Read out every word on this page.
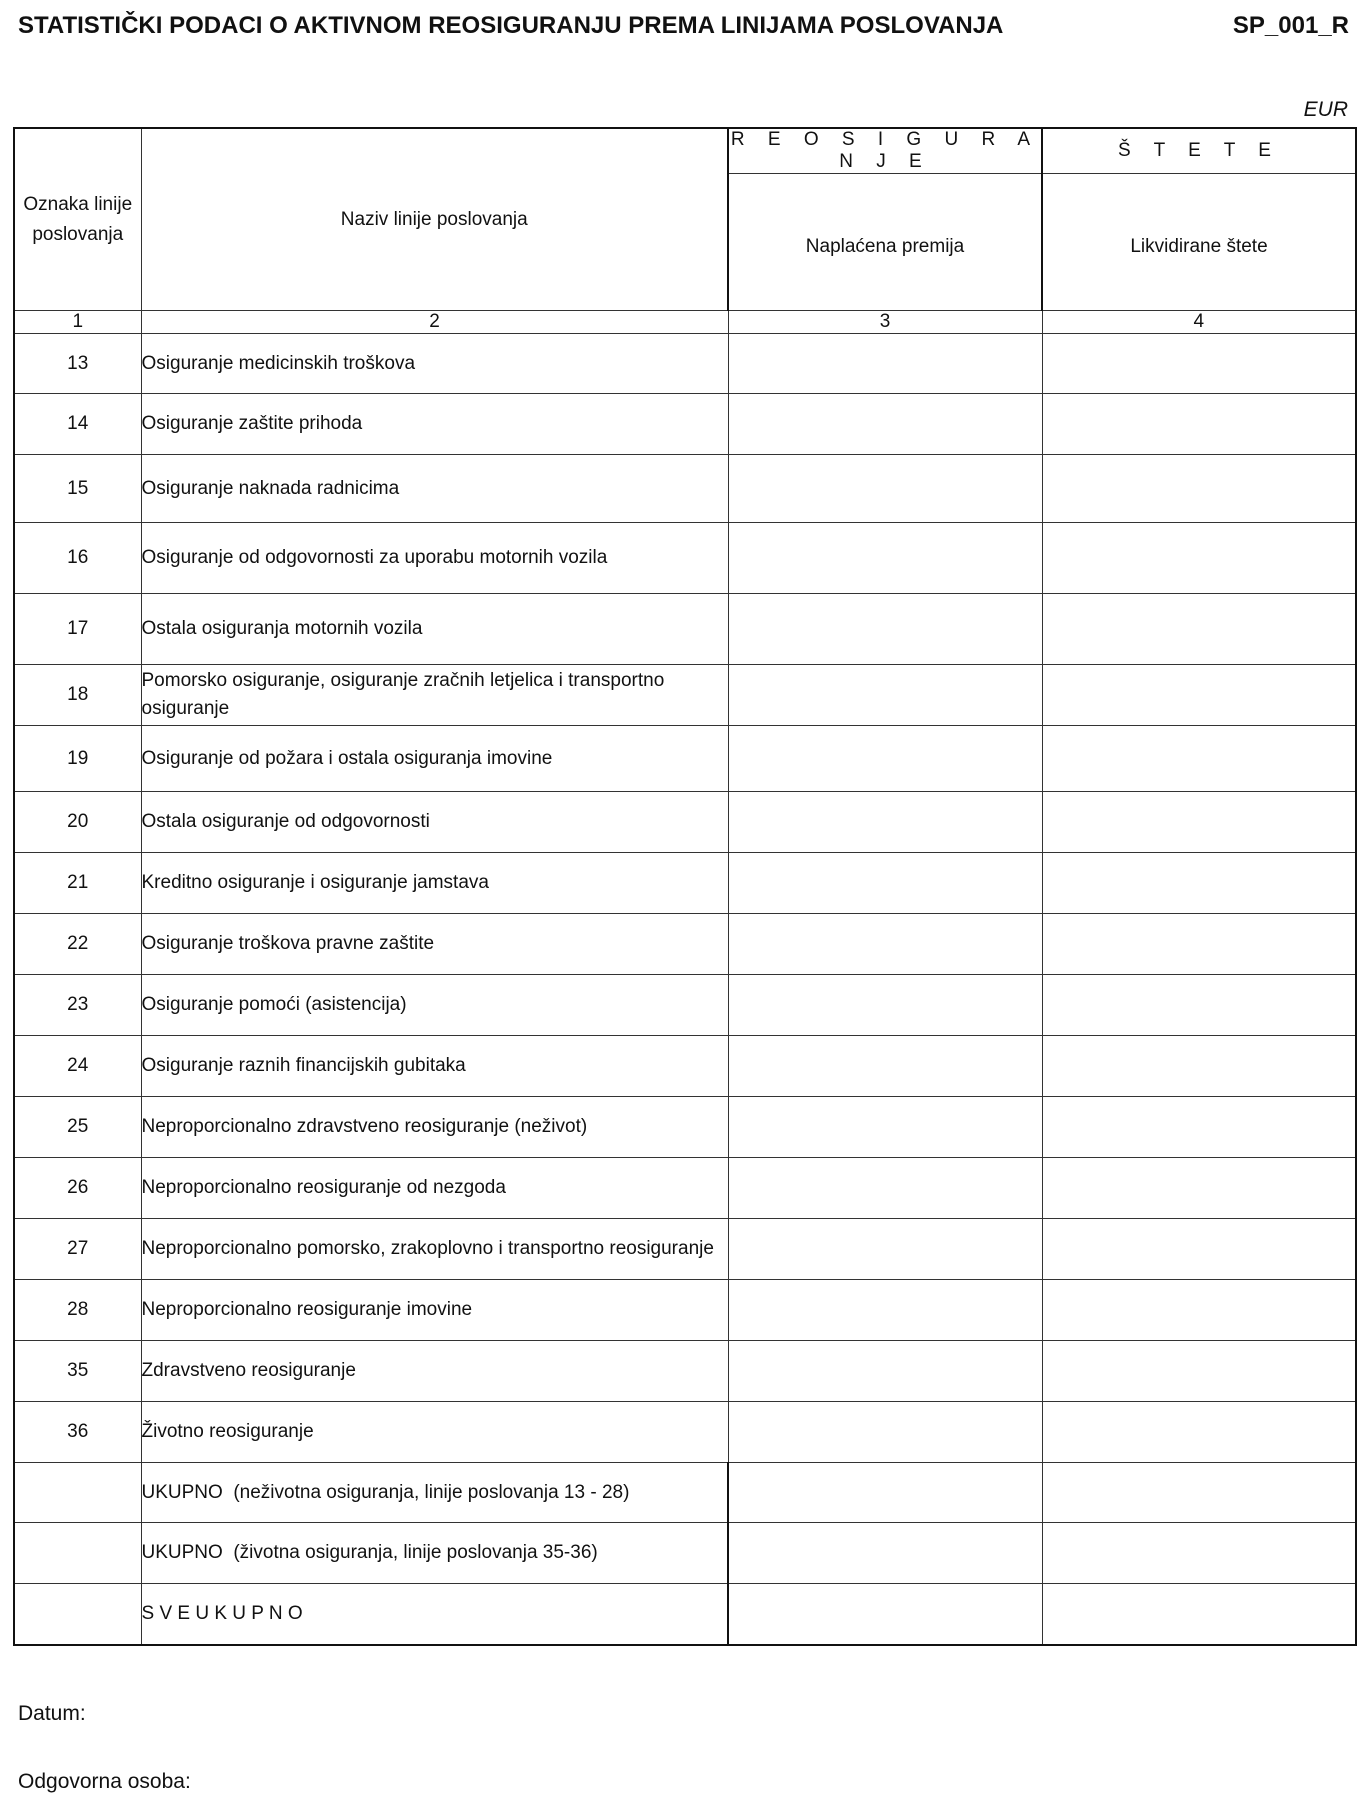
STATISTIČKI PODACI O AKTIVNOM REOSIGURANJU PREMA LINIJAMA POSLOVANJA	SP_001_R
EUR
Oznaka linije poslovanja	Naziv linije poslovanja	R E O S I G U R A N J E	Š T E T E
		Naplaćena premija	Likvidirane štete
1	2	3	4
13	Osiguranje medicinskih troškova		
14	Osiguranje zaštite prihoda		
15	Osiguranje naknada radnicima		
16	Osiguranje od odgovornosti za uporabu motornih vozila		
17	Ostala osiguranja motornih vozila		
18	Pomorsko osiguranje, osiguranje zračnih letjelica i transportno osiguranje		
19	Osiguranje od požara i ostala osiguranja imovine		
20	Ostala osiguranje od odgovornosti		
21	Kreditno osiguranje i osiguranje jamstava		
22	Osiguranje troškova pravne zaštite		
23	Osiguranje pomoći (asistencija)		
24	Osiguranje raznih financijskih gubitaka		
25	Neproporcionalno zdravstveno reosiguranje (neživot)		
26	Neproporcionalno reosiguranje od nezgoda		
27	Neproporcionalno pomorsko, zrakoplovno i transportno reosiguranje		
28	Neproporcionalno reosiguranje imovine		
35	Zdravstveno reosiguranje		
36	Životno reosiguranje		
	UKUPNO  (neživotna osiguranja, linije poslovanja 13 - 28)		
	UKUPNO  (životna osiguranja, linije poslovanja 35-36)		
	S V E U K U P N O		
Datum:
Odgovorna osoba:
